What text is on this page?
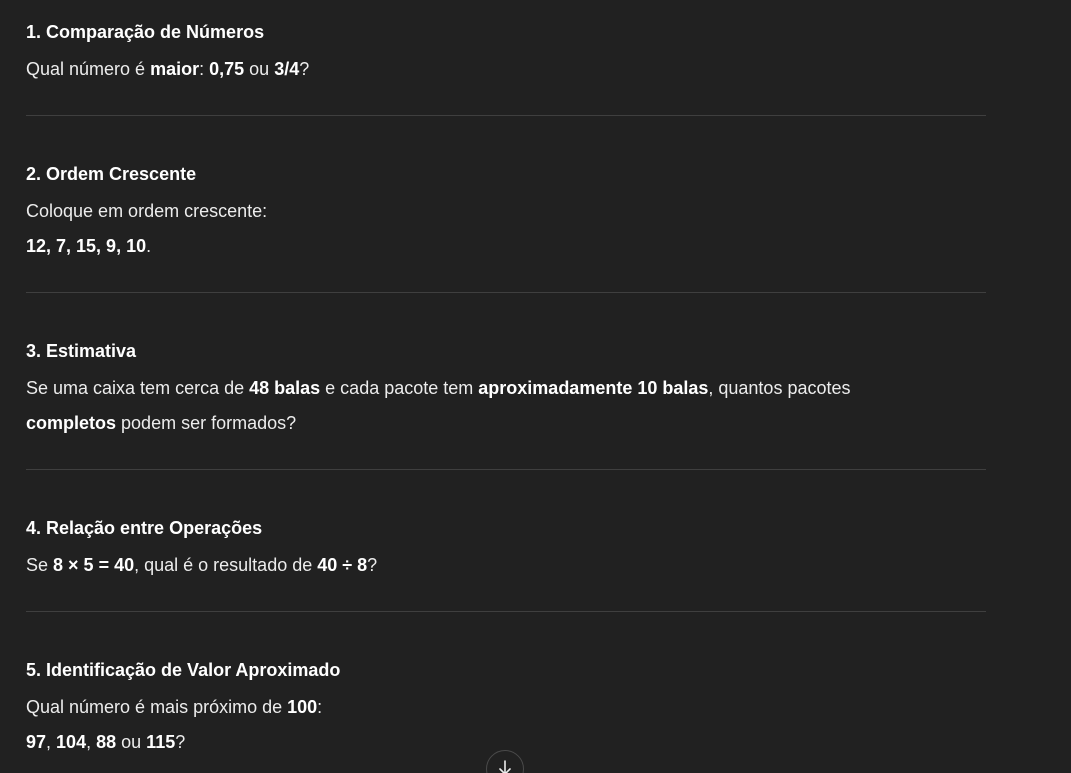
1. Comparação de Números
Qual número é maior: 0,75 ou 3/4?
2. Ordem Crescente
Coloque em ordem crescente:
12, 7, 15, 9, 10.
3. Estimativa
Se uma caixa tem cerca de 48 balas e cada pacote tem aproximadamente 10 balas, quantos pacotes
completos podem ser formados?
4. Relação entre Operações
Se 8 × 5 = 40, qual é o resultado de 40 ÷ 8?
5. Identificação de Valor Aproximado
Qual número é mais próximo de 100:
97, 104, 88 ou 115?
